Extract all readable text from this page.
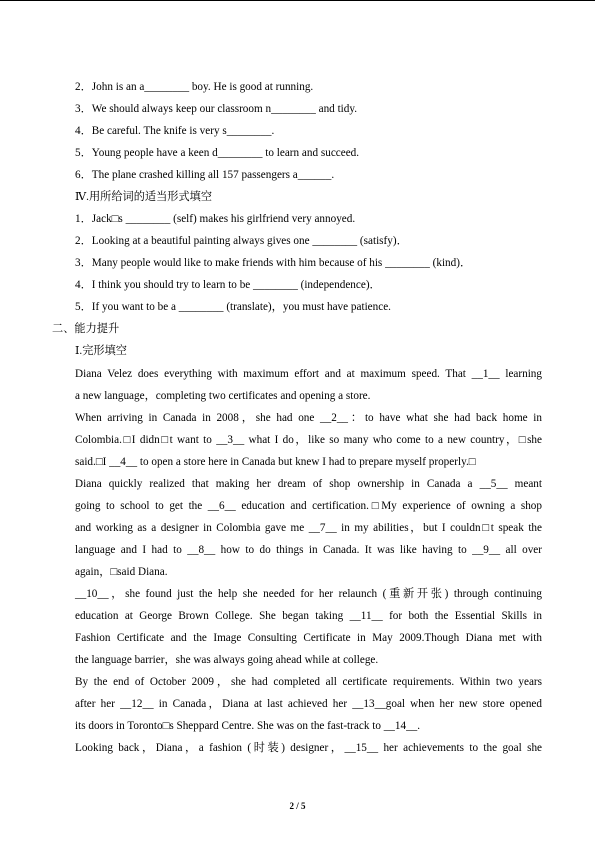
2．John is an a________ boy. He is good at running.
3．We should always keep our classroom n________ and tidy.
4．Be careful. The knife is very s________.
5．Young people have a keen d________ to learn and succeed.
6．The plane crashed killing all 157 passengers a______.
Ⅳ.用所给词的适当形式填空
1．Jack□s ________ (self) makes his girlfriend very annoyed.
2．Looking at a beautiful painting always gives one ________ (satisfy)．
3．Many people would like to make friends with him because of his ________ (kind)．
4．I think you should try to learn to be ________ (independence)．
5．If you want to be a ________ (translate)，you must have patience.
二、能力提升
Ⅰ.完形填空
Diana Velez does everything with maximum effort and at maximum speed. That __1__ learning
a new language，completing two certificates and opening a store.
When arriving in Canada in 2008，she had one __2__：to have what she had back home in
Colombia.□I didn□t want to __3__ what I do，like so many who come to a new country，□she
said.□I __4__ to open a store here in Canada but knew I had to prepare myself properly.□
Diana quickly realized that making her dream of shop ownership in Canada a __5__ meant
going to school to get the __6__ education and certification.□My experience of owning a shop
and working as a designer in Colombia gave me __7__ in my abilities，but I couldn□t speak the
language and I had to __8__ how to do things in Canada. It was like having to __9__ all over
again，□said Diana.
__10__，she found just the help she needed for her relaunch (重新开张) through continuing
education at George Brown College. She began taking __11__ for both the Essential Skills in
Fashion Certificate and the Image Consulting Certificate in May 2009.Though Diana met with
the language barrier，she was always going ahead while at college.
By the end of October 2009，she had completed all certificate requirements. Within two years
after her __12__ in Canada，Diana at last achieved her __13__goal when her new store opened
its doors in Toronto□s Sheppard Centre. She was on the fast-track to __14__.
Looking back，Diana，a fashion (时装) designer，__15__ her achievements to the goal she
2 / 5
